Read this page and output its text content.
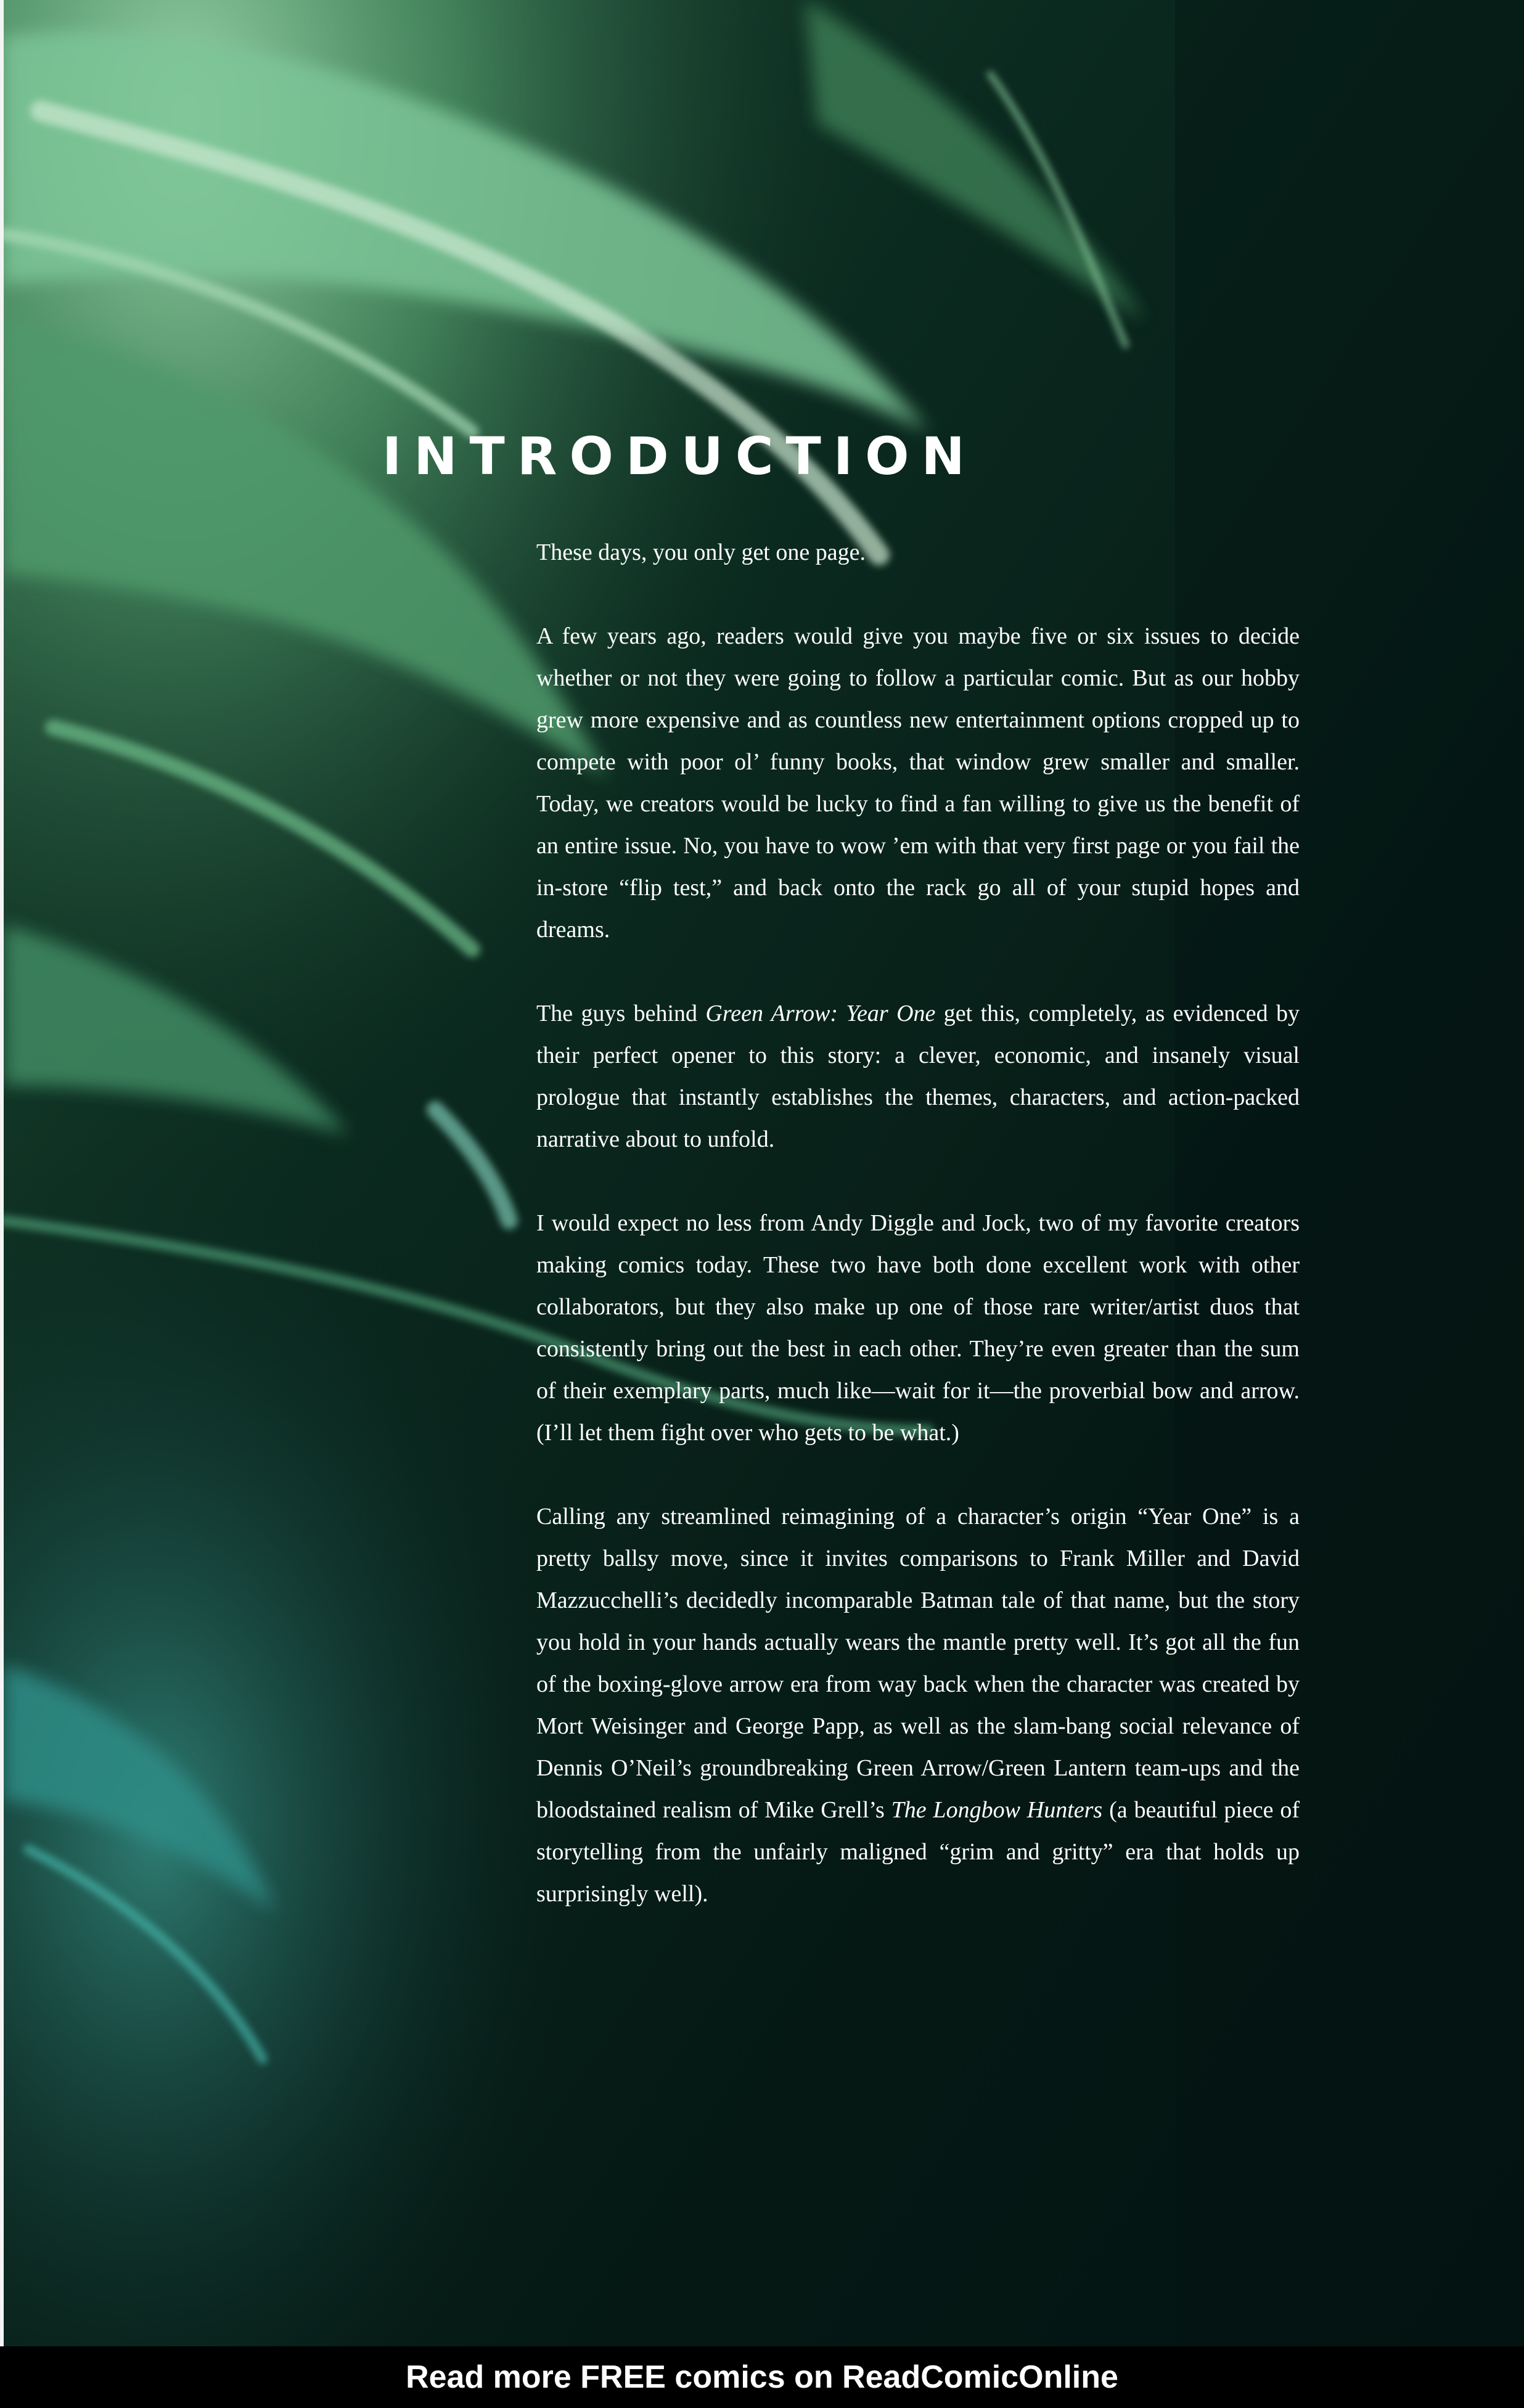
INTRODUCTION

These days, you only get one page.

A few years ago, readers would give you maybe five or six issues to decide whether or not they were going to follow a particular comic. But as our hobby grew more expensive and as countless new entertainment options cropped up to compete with poor ol’ funny books, that window grew smaller and smaller. Today, we creators would be lucky to find a fan willing to give us the benefit of an entire issue. No, you have to wow ’em with that very first page or you fail the in-store “flip test,” and back onto the rack go all of your stupid hopes and dreams.

The guys behind Green Arrow: Year One get this, completely, as evidenced by their perfect opener to this story: a clever, economic, and insanely visual prologue that instantly establishes the themes, characters, and action-packed narrative about to unfold.

I would expect no less from Andy Diggle and Jock, two of my favorite creators making comics today. These two have both done excellent work with other collaborators, but they also make up one of those rare writer/artist duos that consistently bring out the best in each other. They’re even greater than the sum of their exemplary parts, much like—wait for it—the proverbial bow and arrow. (I’ll let them fight over who gets to be what.)

Calling any streamlined reimagining of a character’s origin “Year One” is a pretty ballsy move, since it invites comparisons to Frank Miller and David Mazzucchelli’s decidedly incomparable Batman tale of that name, but the story you hold in your hands actually wears the mantle pretty well. It’s got all the fun of the boxing-glove arrow era from way back when the character was created by Mort Weisinger and George Papp, as well as the slam-bang social relevance of Dennis O’Neil’s groundbreaking Green Arrow/Green Lantern team-ups and the bloodstained realism of Mike Grell’s The Longbow Hunters (a beautiful piece of storytelling from the unfairly maligned “grim and gritty” era that holds up surprisingly well).

Read more FREE comics on ReadComicOnline
